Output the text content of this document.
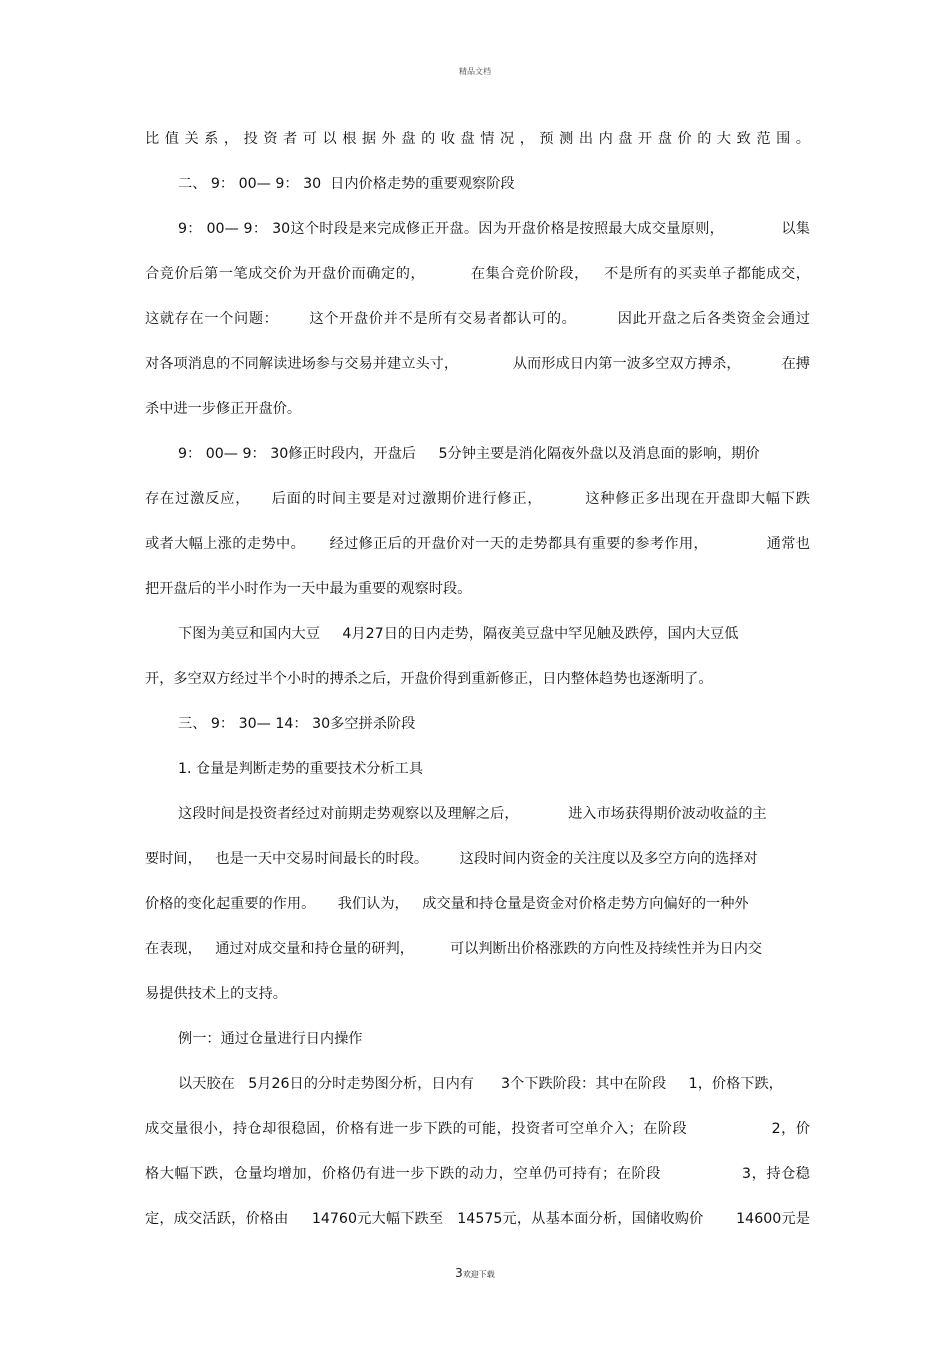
精品文档
比值关系，投资者可以根据外盘的收盘情况，预测出内盘开盘价的大致范围。
二、 9： 00— 9： 30  日内价格走势的重要观察阶段
9： 00— 9： 30这个时段是来完成修正开盘。因为开盘价格是按照最大成交量原则，            以集
合竞价后第一笔成交价为开盘价而确定的，         在集合竞价阶段，   不是所有的买卖单子都能成交，
这就存在一个问题：      这个开盘价并不是所有交易者都认可的。        因此开盘之后各类资金会通过
对各项消息的不同解读进场参与交易并建立头寸，            从而形成日内第一波多空双方搏杀，         在搏
杀中进一步修正开盘价。
9： 00— 9： 30修正时段内，开盘后     5分钟主要是消化隔夜外盘以及消息面的影响，期价
存在过激反应，    后面的时间主要是对过激期价进行修正，        这种修正多出现在开盘即大幅下跌
或者大幅上涨的走势中。     经过修正后的开盘价对一天的走势都具有重要的参考作用，            通常也
把开盘后的半小时作为一天中最为重要的观察时段。
下图为美豆和国内大豆     4月27日的日内走势，隔夜美豆盘中罕见触及跌停，国内大豆低
开，多空双方经过半个小时的搏杀之后，开盘价得到重新修正，日内整体趋势也逐渐明了。
三、 9： 30— 14： 30多空拼杀阶段
1. 仓量是判断走势的重要技术分析工具
这段时间是投资者经过对前期走势观察以及理解之后，           进入市场获得期价波动收益的主
要时间，   也是一天中交易时间最长的时段。       这段时间内资金的关注度以及多空方向的选择对
价格的变化起重要的作用。     我们认为，   成交量和持仓量是资金对价格走势方向偏好的一种外
在表现，   通过对成交量和持仓量的研判，        可以判断出价格涨跌的方向性及持续性并为日内交
易提供技术上的支持。
例一：通过仓量进行日内操作
以天胶在   5月26日的分时走势图分析，日内有      3个下跌阶段：其中在阶段     1，价格下跌，
成交量很小，持仓却很稳固，价格有进一步下跌的可能，投资者可空单介入；在阶段                 2，价
格大幅下跌，仓量均增加，价格仍有进一步下跌的动力，空单仍可持有；在阶段                3，持仓稳
定，成交活跃，价格由     14760元大幅下跌至   14575元，从基本面分析，国储收购价       14600元是
3欢迎下载
